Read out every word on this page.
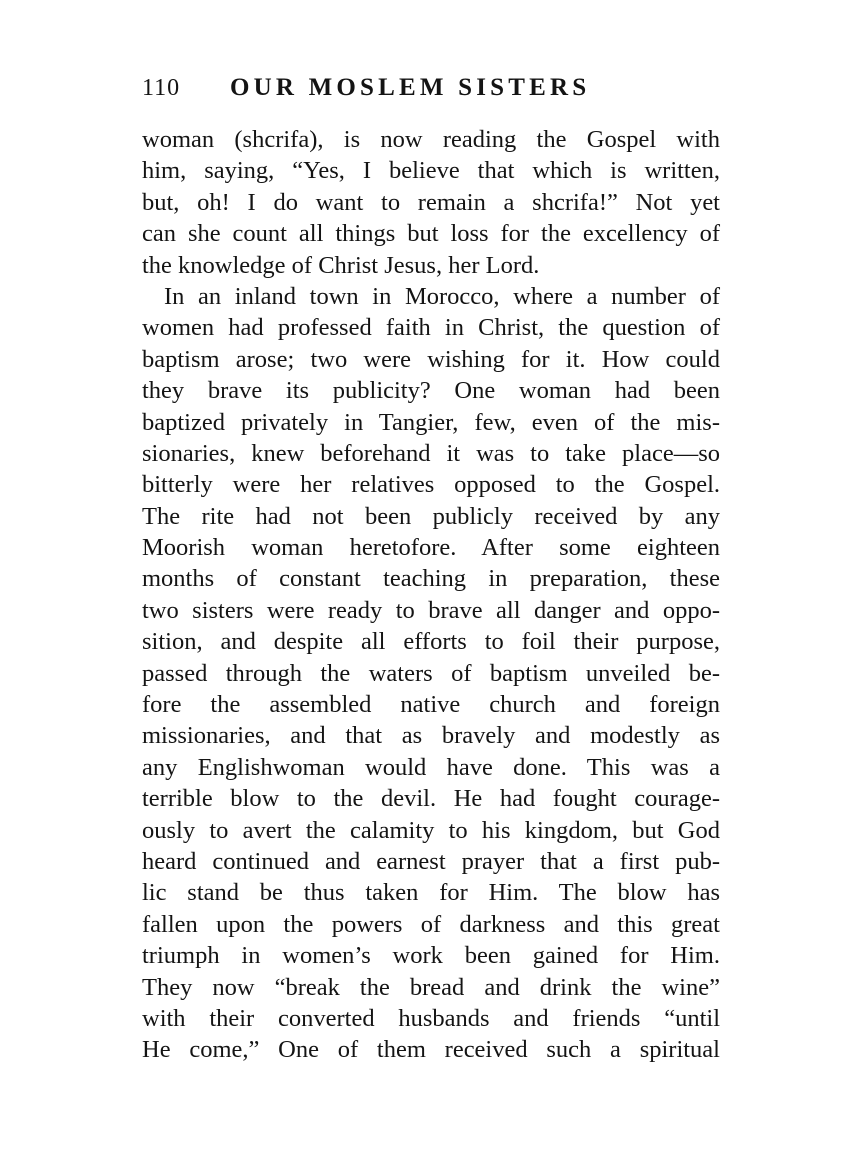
110	OUR MOSLEM SISTERS
woman (shcrifa), is now reading the Gospel with
him, saying, “Yes, I believe that which is written,
but, oh! I do want to remain a shcrifa!” Not yet
can she count all things but loss for the excellency of
the knowledge of Christ Jesus, her Lord.
In an inland town in Morocco, where a number of
women had professed faith in Christ, the question of
baptism arose; two were wishing for it. How could
they brave its publicity? One woman had been
baptized privately in Tangier, few, even of the mis-
sionaries, knew beforehand it was to take place—so
bitterly were her relatives opposed to the Gospel.
The rite had not been publicly received by any
Moorish woman heretofore. After some eighteen
months of constant teaching in preparation, these
two sisters were ready to brave all danger and oppo-
sition, and despite all efforts to foil their purpose,
passed through the waters of baptism unveiled be-
fore the assembled native church and foreign
missionaries, and that as bravely and modestly as
any Englishwoman would have done. This was a
terrible blow to the devil. He had fought courage-
ously to avert the calamity to his kingdom, but God
heard continued and earnest prayer that a first pub-
lic stand be thus taken for Him. The blow has
fallen upon the powers of darkness and this great
triumph in women’s work been gained for Him.
They now “break the bread and drink the wine”
with their converted husbands and friends “until
He come,” One of them received such a spiritual
